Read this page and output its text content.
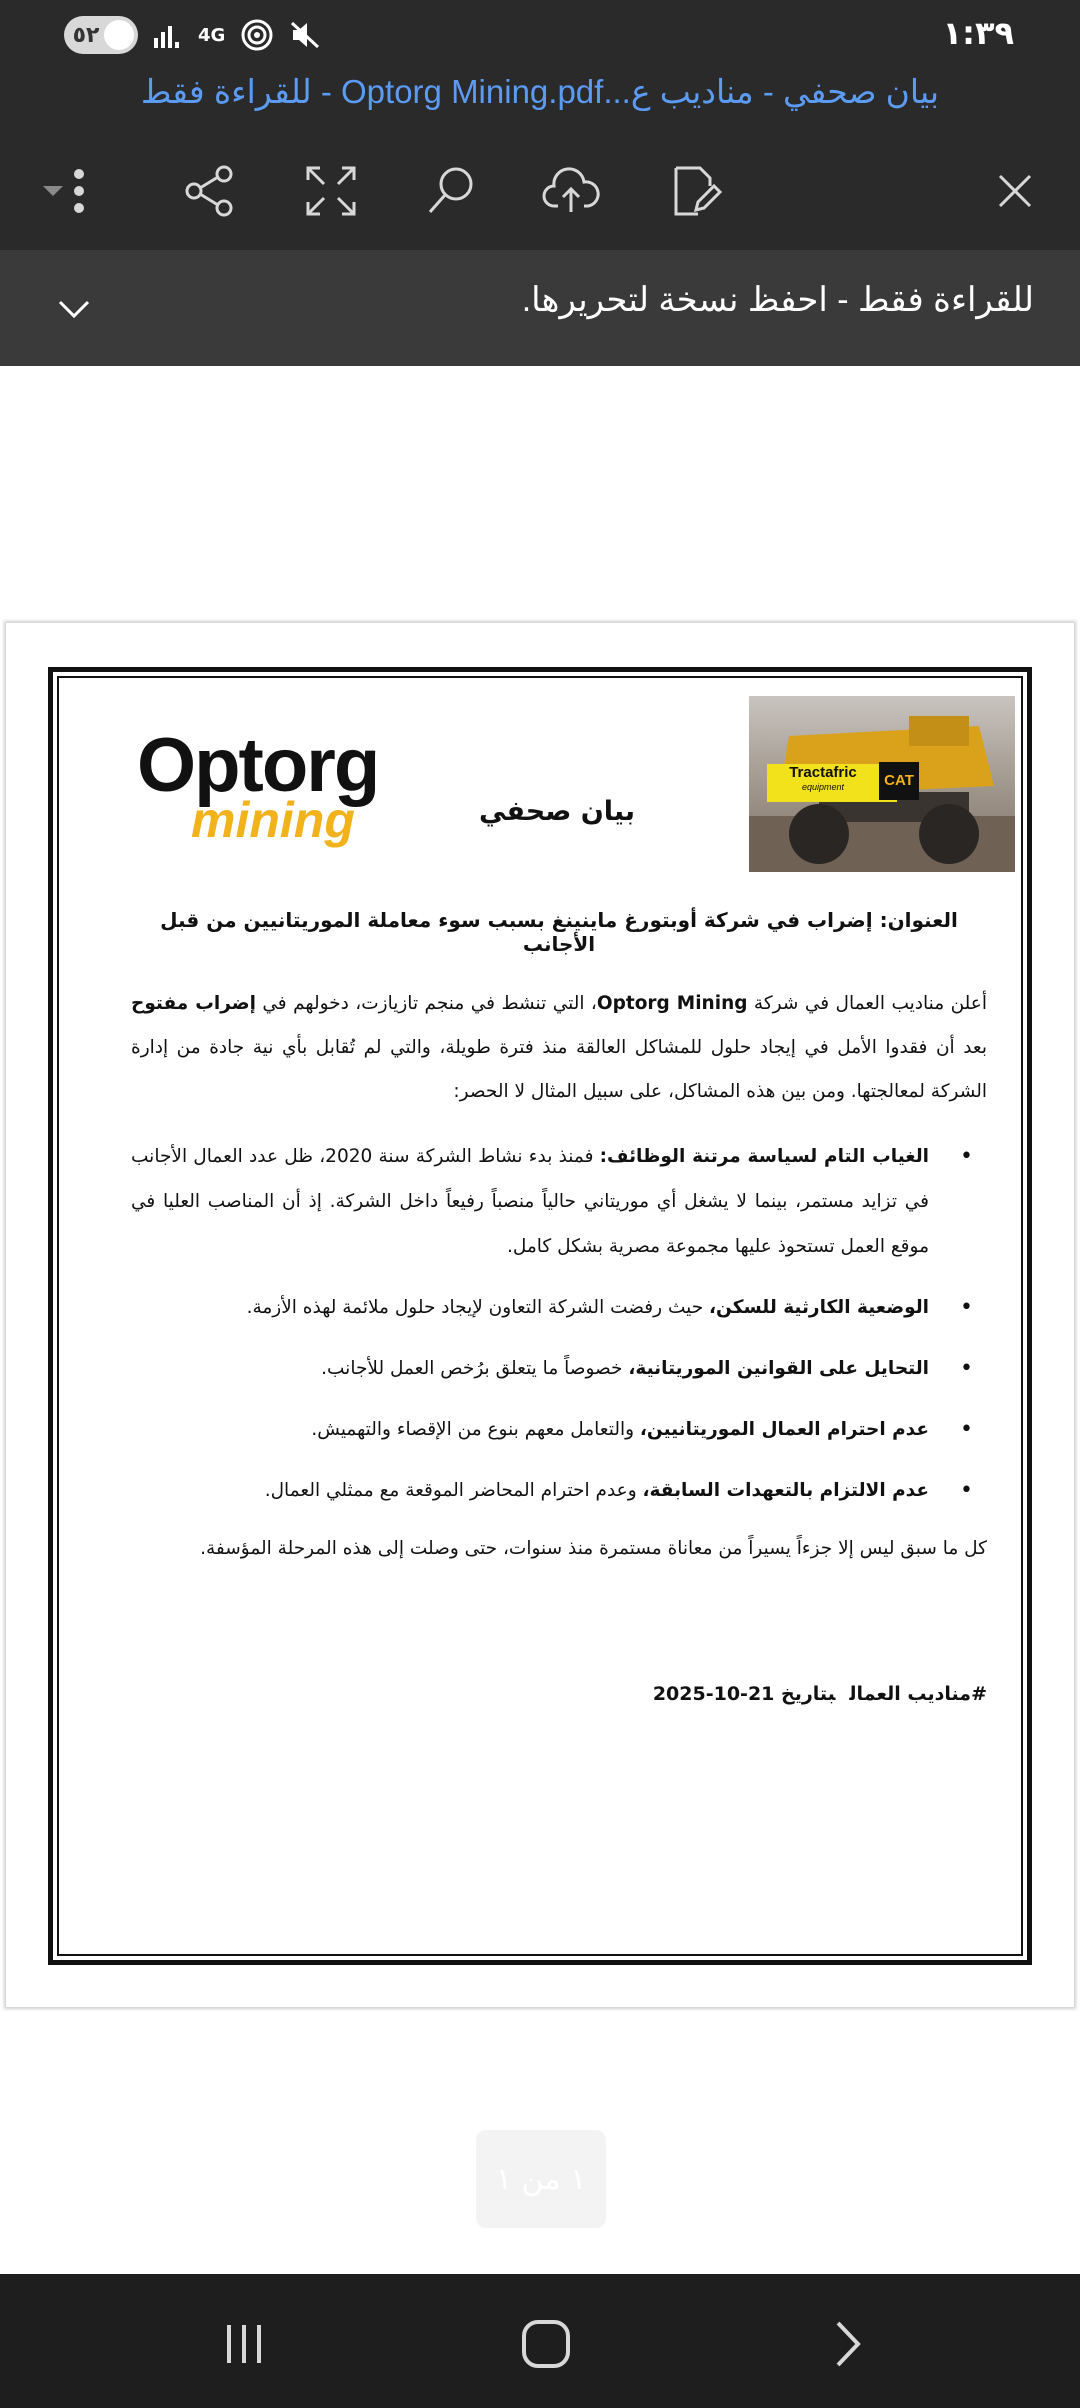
٥٢	4G	١:٣٩
بيان صحفي - مناديب ع...Optorg Mining.pdf - للقراءة فقط
للقراءة فقط - احفظ نسخة لتحريرها.
Optorg
mining	بيان صحفي
Tractafric
equipment	CAT
العنوان: إضراب في شركة أوبتورغ ماينينغ بسبب سوء معاملة الموريتانيين من قبل الأجانب

أعلن مناديب العمال في شركة Optorg Mining، التي تنشط في منجم تازيازت، دخولهم في إضراب مفتوح بعد أن فقدوا الأمل في إيجاد حلول للمشاكل العالقة منذ فترة طويلة، والتي لم تُقابل بأي نية جادة من إدارة الشركة لمعالجتها. ومن بين هذه المشاكل، على سبيل المثال لا الحصر:

• الغياب التام لسياسة مرتنة الوظائف: فمنذ بدء نشاط الشركة سنة 2020، ظل عدد العمال الأجانب في تزايد مستمر، بينما لا يشغل أي موريتاني حالياً منصباً رفيعاً داخل الشركة. إذ أن المناصب العليا في موقع العمل تستحوذ عليها مجموعة مصرية بشكل كامل.
• الوضعية الكارثية للسكن، حيث رفضت الشركة التعاون لإيجاد حلول ملائمة لهذه الأزمة.
• التحايل على القوانين الموريتانية، خصوصاً ما يتعلق برُخص العمل للأجانب.
• عدم احترام العمال الموريتانيين، والتعامل معهم بنوع من الإقصاء والتهميش.
• عدم الالتزام بالتعهدات السابقة، وعدم احترام المحاضر الموقعة مع ممثلي العمال.

كل ما سبق ليس إلا جزءاً يسيراً من معاناة مستمرة منذ سنوات، حتى وصلت إلى هذه المرحلة المؤسفة.

#مناديب العمالبتاريخ 21-10-2025
١ من ١
